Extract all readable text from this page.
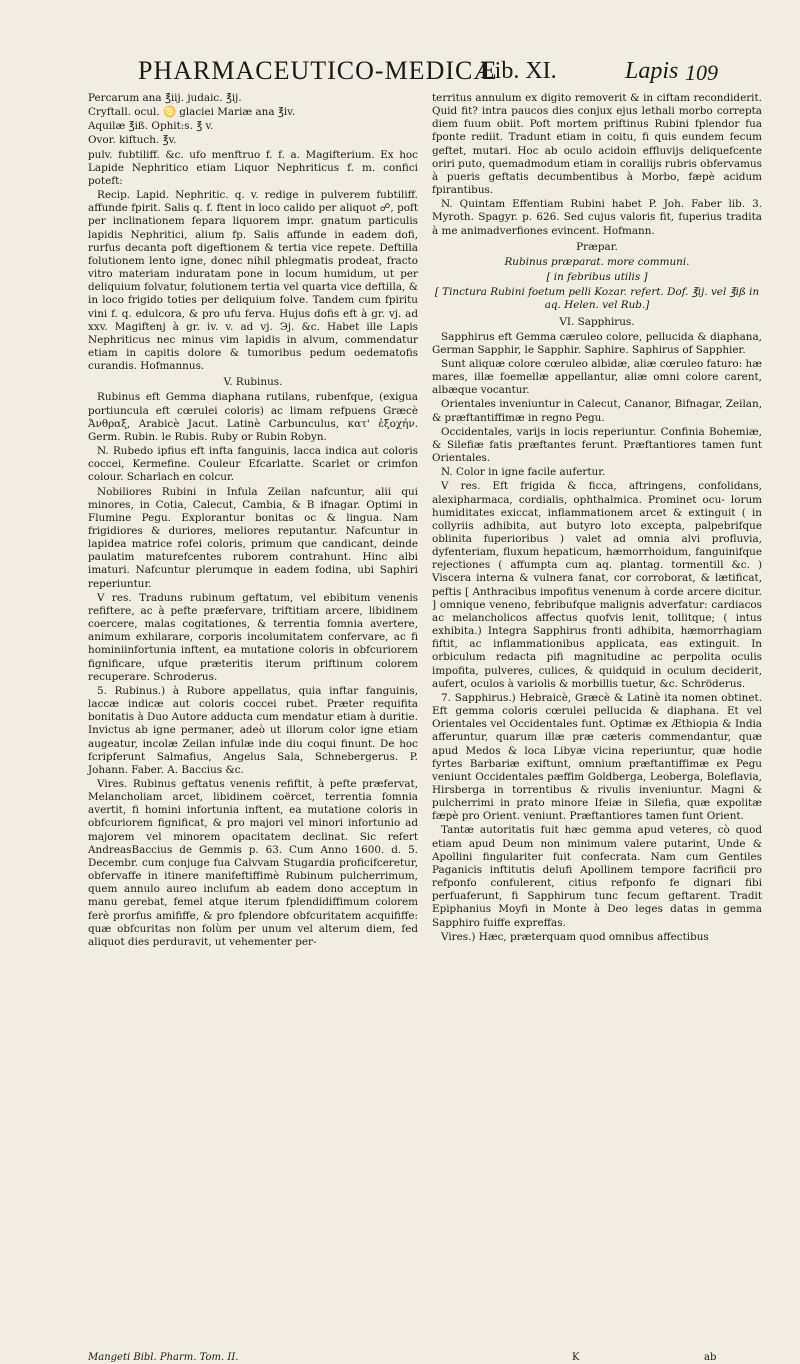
PHARMACEUTICO-MEDICÆ
Lib. XI.	Lapis 109

Percarum ana ℥iij. judaic. ℥ij.

Cryftall. ocul. ♋ glaciei Mariæ ana ℥iv.

Aquilæ ℥iß. Ophit:s. ℥ v.

Ovor. kiftuch. ℥v.

pulv. fubtiliff. &c. ufo menftruo f. f. a. Magifterium. Ex hoc Lapide Nephritico etiam Liquor Nephriticus f. m. confici poteft:

Recip. Lapid. Nephritic. q. v. redige in pulverem fubtiliff. affunde fpirit. Salis q. f. ftent in loco calido per aliquot ☍, poft per inclinationem fepara liquorem impr. gnatum particulis lapidis Nephritici, alium fp. Salis affunde in eadem dofi, rurfus decanta poft digeftionem & tertia vice repete. Deftilla folutionem lento igne, donec nihil phlegmatis prodeat, fracto vitro materiam induratam pone in locum humidum, ut per deliquium folvatur, folutionem tertia vel quarta vice deftilla, & in loco frigido toties per deliquium folve. Tandem cum fpiritu vini f. q. edulcora, & pro ufu ferva. Hujus dofis eft à gr. vj. ad xxv. Magiftenj à gr. iv. v. ad vj. Эj. &c. Habet ille Lapis Nephriticus nec minus vim lapidis in alvum, commendatur etiam in capitis dolore & tumoribus pedum oedematofis curandis. Hofmannus.

V. Rubinus.

Rubinus eft Gemma diaphana rutilans, rubenfque, (exigua portiuncula eft cœrulei coloris) ac limam refpuens Græcè Ἀνθραξ, Arabicè Jacut. Latinè Carbunculus, κατ' ἐξοχήν. Germ. Rubin. le Rubis. Ruby or Rubin Robyn.

N. Rubedo ipfius eft infta fanguinis, lacca indica aut coloris coccei, Kermefine. Couleur Efcarlatte. Scarlet or crimfon colour. Scharlach en colcur.

Nobiliores Rubini in Infula Zeilan nafcuntur, alii qui minores, in Cotia, Calecut, Cambia, & B ifnagar. Optimi in Flumine Pegu. Explorantur bonitas oc & lingua. Nam frigidiores & duriores, meliores reputantur. Nafcuntur in lapidea matrice rofei coloris, primum que candicant, deinde paulatim maturefcentes ruborem contrahunt. Hinc albi imaturi. Nafcuntur plerumque in eadem fodina, ubi Saphiri reperiuntur.

V res. Traduns rubinum geftatum, vel ebibitum venenis refiftere, ac à pefte præfervare, triftitiam arcere, libidinem coercere, malas cogitationes, & terrentia fomnia avertere, animum exhilarare, corporis incolumitatem confervare, ac fi hominiinfortunia inftent, ea mutatione coloris in obfcuriorem fignificare, ufque præteritis iterum priftinum colorem recuperare. Schroderus.

5. Rubinus.) à Rubore appellatus, quia inftar fanguinis, laccæ indicæ aut coloris coccei rubet. Præter requifita bonitatis à Duo Autore adducta cum mendatur etiam à duritie. Invictus ab igne permaner, adeò ut illorum color igne etiam augeatur, incolæ Zeilan infulæ inde diu coqui finunt. De hoc fcripferunt Salmafius, Angelus Sala, Schnebergerus. P. Johann. Faber. A. Baccius &c.

Vires. Rubinus geftatus venenis refiftit, à pefte præfervat, Melancholiam arcet, libidinem coërcet, terrentia fomnia avertit, fi homini infortunia inftent, ea mutatione coloris in obfcuriorem fignificat, & pro majori vel minori infortunio ad majorem vel minorem opacitatem declinat. Sic refert AndreasBaccius de Gemmis p. 63. Cum Anno 1600. d. 5. Decembr. cum conjuge fua Calvvam Stugardia proficifceretur, obfervaffe in itinere manifeftiffimè Rubinum pulcherrimum, quem annulo aureo inclufum ab eadem dono acceptum in manu gerebat, femel atque iterum fplendidiffimum colorem ferè prorfus amififfe, & pro fplendore obfcuritatem acquififfe: quæ obfcuritas non folùm per unum vel alterum diem, fed aliquot dies perduravit, ut vehementer per-

territus annulum ex digito removerit & in ciftam recondiderit. Quid fit? intra paucos dies conjux ejus lethali morbo correpta diem fuum obiit. Poft mortem priftinus Rubini fplendor fua fponte rediit. Tradunt etiam in coitu, fi quis eundem fecum geftet, mutari. Hoc ab oculo acidoin effluvijs deliquefcente oriri puto, quemadmodum etiam in corallijs rubris obfervamus à pueris geftatis decumbentibus à Morbo, fæpè acidum fpirantibus.

N. Quintam Effentiam Rubini habet P. Joh. Faber lib. 3. Myroth. Spagyr. p. 626. Sed cujus valoris fit, fuperius tradita à me animadverfiones evincent. Hofmann.

Præpar.
Rubinus præparat. more communi.
[ in febribus utilis ]
[ Tinctura Rubini foetum pelli Kozar. refert. Dof. ℥ij. vel ℥iß in aq. Helen. vel Rub.]
VI. Sapphirus.

Sapphirus eft Gemma cæruleo colore, pellucida & diaphana, German Sapphir, le Sapphir. Saphire. Saphirus of Sapphier.

Sunt aliquæ colore cœruleo albidæ, aliæ cœruleo faturo: hæ mares, illæ foemellæ appellantur, aliæ omni colore carent, albæque vocantur.

Orientales inveniuntur in Calecut, Cananor, Bifnagar, Zeilan, & præftantiffimæ in regno Pegu.

Occidentales, varijs in locis reperiuntur. Confinia Bohemiæ, & Silefiæ fatis præftantes ferunt. Præftantiores tamen funt Orientales.

N. Color in igne facile aufertur.

V res. Eft frigida & ficca, aftringens, confolidans, alexipharmaca, cordialis, ophthalmica. Prominet ocu- lorum humiditates exiccat, inflammationem arcet & extinguit ( in collyriis adhibita, aut butyro loto excepta, palpebrifque oblinita fuperioribus ) valet ad omnia alvi profluvia, dyfenteriam, fluxum hepaticum, hæmorrhoidum, fanguinifque rejectiones ( affumpta cum aq. plantag. tormentill &c. ) Viscera interna & vulnera fanat, cor corroborat, & lætificat, peftis [ Anthracibus impofitus venenum à corde arcere dicitur. ] omnique veneno, febribufque malignis adverfatur: cardiacos ac melancholicos affectus quofvis lenit, tollitque; ( intus exhibita.) Integra Sapphirus fronti adhibita, hæmorrhagiam fiftit, ac inflammationibus applicata, eas extinguit. In orbiculum redacta pifi magnitudine ac perpolita oculis impofita, pulveres, culices, & quidquid in oculum deciderit, aufert, oculos à variolis & morbillis tuetur, &c. Schröderus.

7. Sapphirus.) Hebraicè, Græcè & Latinè ita nomen obtinet. Eft gemma coloris cœrulei pellucida & diaphana. Et vel Orientales vel Occidentales funt. Optimæ ex Æthiopia & India afferuntur, quarum illæ præ cæteris commendantur, quæ apud Medos & loca Libyæ vicina reperiuntur, quæ hodie fyrtes Barbariæ exiftunt, omnium præftantiffimæ ex Pegu veniunt Occidentales pæffim Goldberga, Leoberga, Boleflavia, Hirsberga in torrentibus & rivulis inveniuntur. Magni & pulcherrimi in prato minore Ifeiæ in Silefia, quæ expolitæ fæpè pro Orient. veniunt. Præftantiores tamen funt Orient.

Tantæ autoritatis fuit hæc gemma apud veteres, cò quod etiam apud Deum non minimum valere putarint, Unde & Apollini fingulariter fuit confecrata. Nam cum Gentiles Paganicis inftitutis delufi Apollinem tempore facrificii pro refponfo confulerent, citius refponfo fe dignari fibi perfuaferunt, fi Sapphirum tunc fecum geftarent. Tradit Epiphanius Moyfi in Monte à Deo leges datas in gemma Sapphiro fuiffe expreffas.

Vires.) Hæc, præterquam quod omnibus affectibus

Mangeti Bibl. Pharm. Tom. II.	K	ab
